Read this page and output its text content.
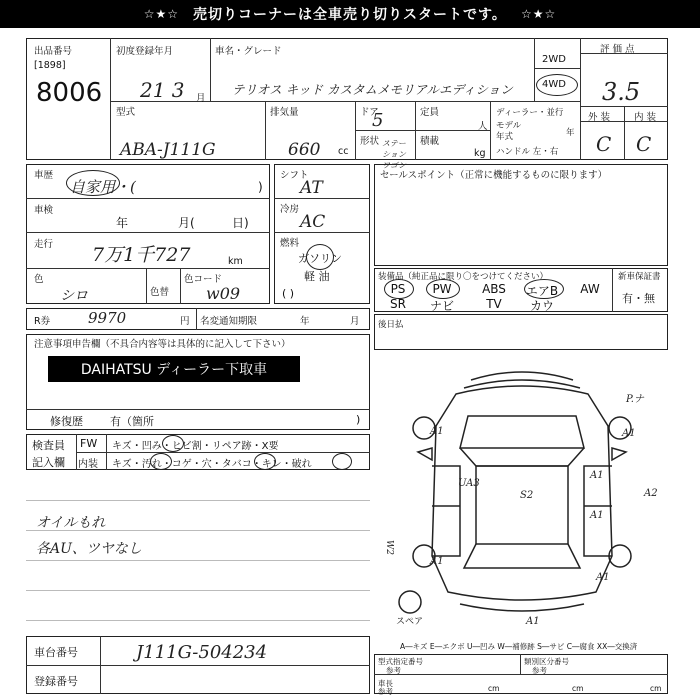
☆★☆ 売切りコーナーは全車売り切りスタートです。 ☆★☆
出品番号
[1898]
8006
初度登録年月
21 3 月
車名・グレード
テリオス キッド カスタムメモリアルエディション
2WD
4WD
評 価 点
3.5
外 装	内 装
C C
型式
ABA-J111G
排気量
660 cc
ドア
5
形状 ステーション ワゴン
定員
人
積載
kg
ディーラー・並行
モデル
年式	年
ハンドル 左・右
車歴
自家用・(	)
車検
年	月(	日)
走行 7万1千727	km
色
シロ	色替
色コード
w09
シフト
AT
冷房
AC
燃料
ガソリン
軽 油
( )
セールスポイント（正常に機能するものに限ります）
装備品（純正品に限り〇をつけてください）	新車保証書
有・無
PS	PW	ABS	エアB	AW
SR	ナビ	TV	カウ
R券	9970	円 名変通知期限	年	月 後日払
注意事項申告欄（不具合内容等は具体的に記入して下さい）
DAIHATSU ディーラー下取車
修復歴 有（箇所	)
検査員
記入欄
FW キズ・凹み・ヒビ割・リペア跡・X要
内装 キズ・汚れ・コゲ・穴・タバコ・キレ・破れ
オイルもれ
各AU、ツヤなし
P.ナ
A1	A1
A1
A2
A1
UA3
S2
A1
A1
A1
スペア
W2
A―キズ E―エクボ U―凹み W―補修跡 S―サビ C―腐食 XX―交換済
車台番号	J111G-504234
登録番号
型式指定番号
参考
類別区分番号
参考
車長
参考	cm	cm	cm
